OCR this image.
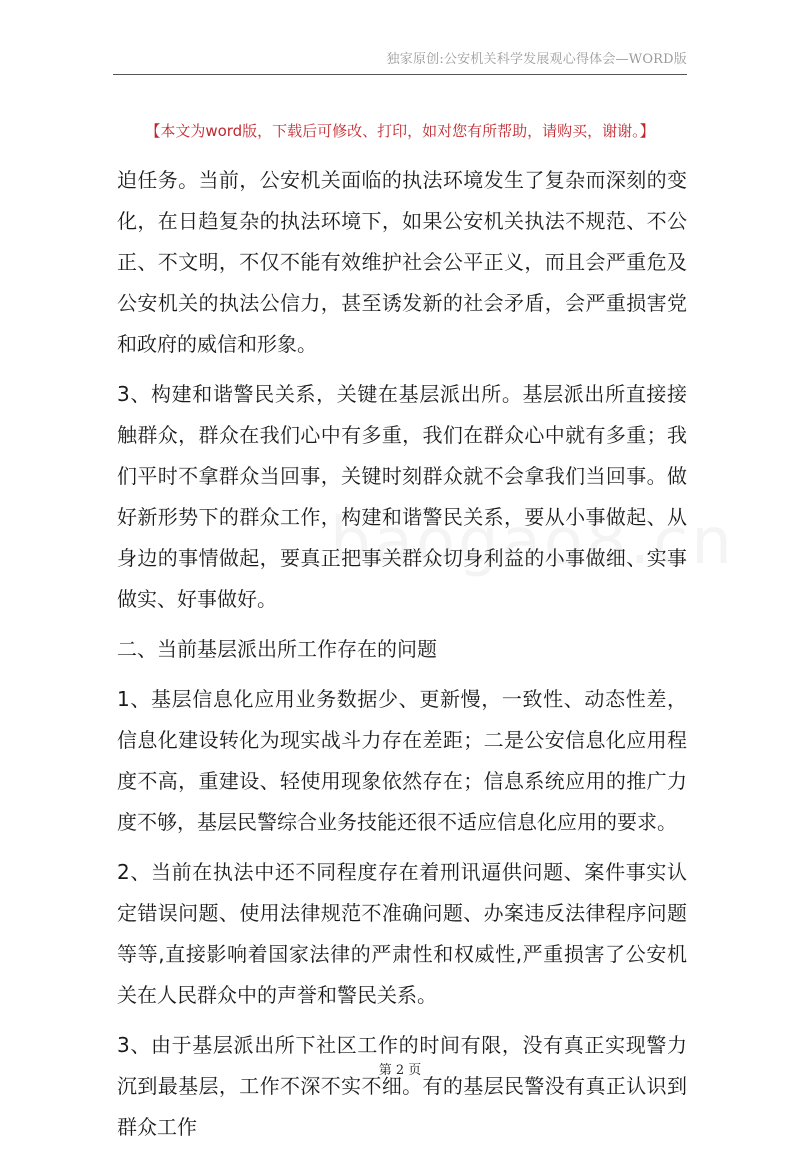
独家原创:公安机关科学发展观心得体会—WORD版
【本文为word版，下载后可修改、打印，如对您有所帮助，请购买，谢谢。】

迫任务。当前，公安机关面临的执法环境发生了复杂而深刻的变化，在日趋复杂的执法环境下，如果公安机关执法不规范、不公正、不文明，不仅不能有效维护社会公平正义，而且会严重危及公安机关的执法公信力，甚至诱发新的社会矛盾，会严重损害党和政府的威信和形象。

3、构建和谐警民关系，关键在基层派出所。基层派出所直接接触群众，群众在我们心中有多重，我们在群众心中就有多重；我们平时不拿群众当回事，关键时刻群众就不会拿我们当回事。做好新形势下的群众工作，构建和谐警民关系，要从小事做起、从身边的事情做起，要真正把事关群众切身利益的小事做细、实事做实、好事做好。

二、当前基层派出所工作存在的问题

1、基层信息化应用业务数据少、更新慢，一致性、动态性差，信息化建设转化为现实战斗力存在差距；二是公安信息化应用程度不高，重建设、轻使用现象依然存在；信息系统应用的推广力度不够，基层民警综合业务技能还很不适应信息化应用的要求。

2、当前在执法中还不同程度存在着刑讯逼供问题、案件事实认定错误问题、使用法律规范不准确问题、办案违反法律程序问题等等,直接影响着国家法律的严肃性和权威性,严重损害了公安机关在人民群众中的声誉和警民关系。

3、由于基层派出所下社区工作的时间有限，没有真正实现警力沉到最基层，工作不深不实不细。有的基层民警没有真正认识到群众工作

第 2 页
